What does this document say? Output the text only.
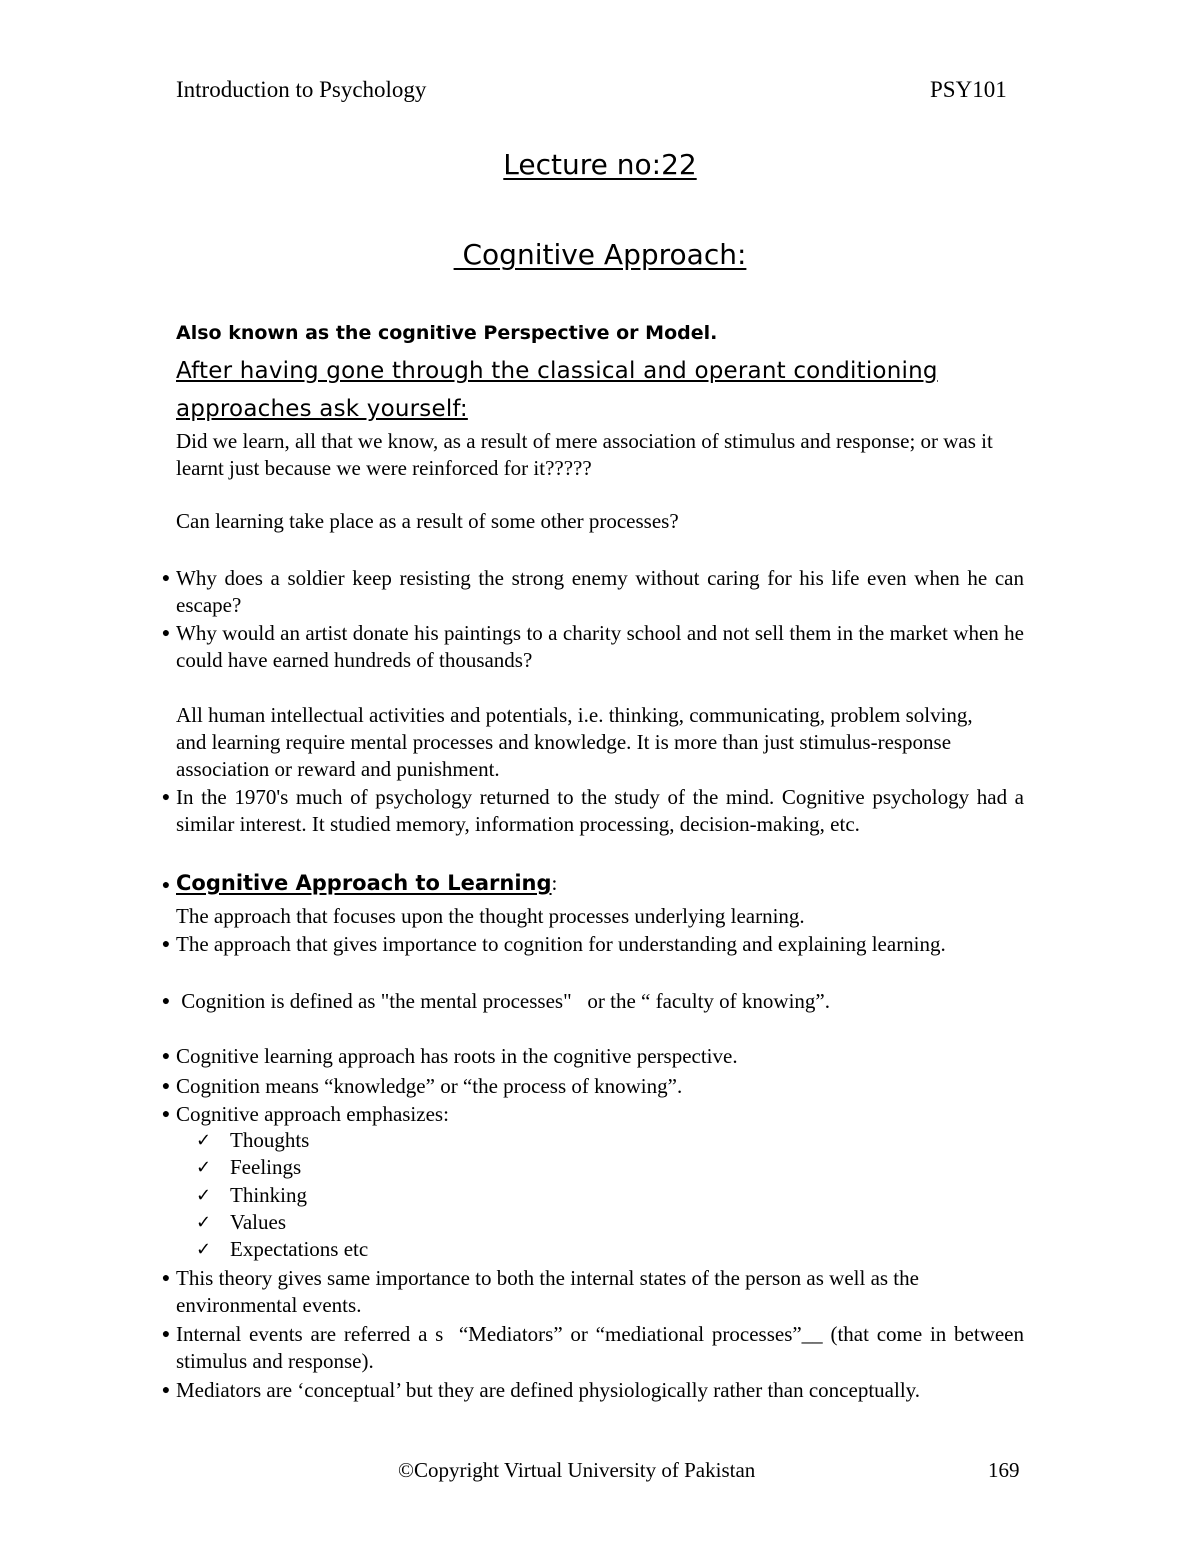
Introduction to Psychology	PSY101
Lecture no:22
Cognitive Approach:
Also known as the cognitive Perspective or Model.
After having gone through the classical and operant conditioning approaches ask yourself:
Did we learn, all that we know, as a result of mere association of stimulus and response; or was it learnt just because we were reinforced for it?????
Can learning take place as a result of some other processes?
● Why does a soldier keep resisting the strong enemy without caring for his life even when he can escape?
● Why would an artist donate his paintings to a charity school and not sell them in the market when he could have earned hundreds of thousands?
All human intellectual activities and potentials, i.e. thinking, communicating, problem solving, and learning require mental processes and knowledge. It is more than just stimulus-response association or reward and punishment.
● In the 1970's much of psychology returned to the study of the mind. Cognitive psychology had a similar interest. It studied memory, information processing, decision-making, etc.
● Cognitive Approach to Learning:
The approach that focuses upon the thought processes underlying learning.
● The approach that gives importance to cognition for understanding and explaining learning.
● Cognition is defined as "the mental processes"   or the “ faculty of knowing”.
● Cognitive learning approach has roots in the cognitive perspective.
● Cognition means “knowledge” or “the process of knowing”.
● Cognitive approach emphasizes:
✓ Thoughts
✓ Feelings
✓ Thinking
✓ Values
✓ Expectations etc
● This theory gives same importance to both the internal states of the person as well as the environmental events.
● Internal events are referred a s  “Mediators” or “mediational processes”__ (that come in between stimulus and response).
● Mediators are ‘conceptual’ but they are defined physiologically rather than conceptually.
©Copyright Virtual University of Pakistan	169
